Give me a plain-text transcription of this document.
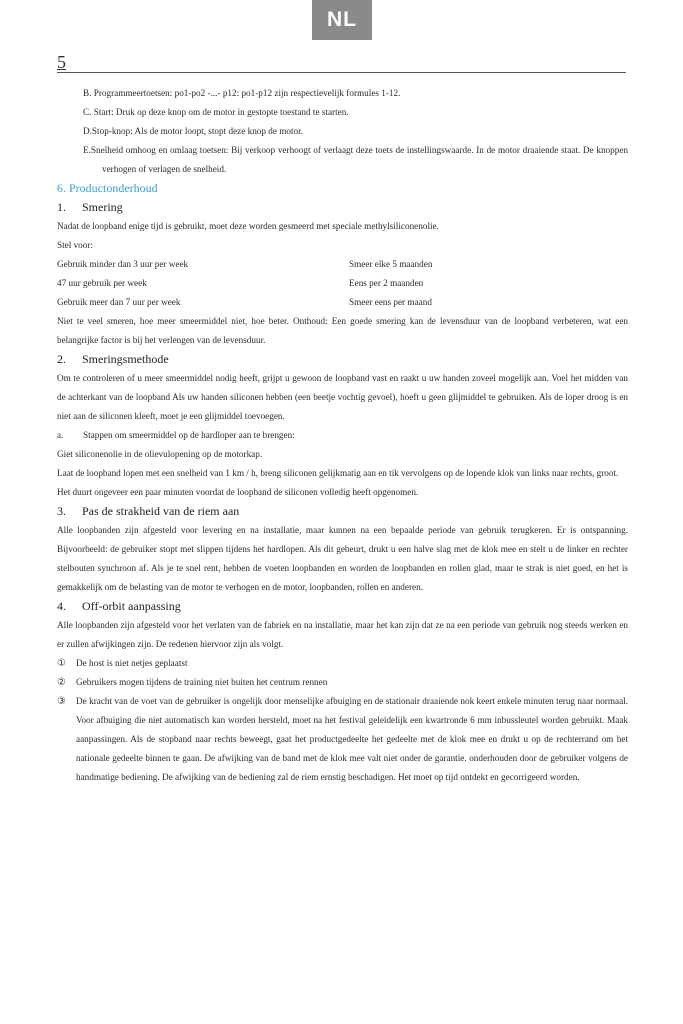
NL
5

B. Programmeertoetsen: po1-po2 -...- p12: po1-p12 zijn respectievelijk formules 1-12.

C. Start: Druk op deze knop om de motor in gestopte toestand te starten.

D.Stop-knop: Als de motor loopt, stopt deze knop de motor.

E.Snelheid omhoog en omlaag toetsen: Bij verkoop verhoogt of verlaagt deze toets de instellingswaarde. In de motor draaiende staat. De knoppen verhogen of verlagen de snelheid.

6. Productonderhoud

1.	Smering

Nadat de loopband enige tijd is gebruikt, moet deze worden gesmeerd met speciale methylsiliconenolie.

Stel voor:

Gebruik minder dan 3 uur per week	Smeer elke 5 maanden
47 uur gebruik per week	Eens per 2 maanden
Gebruik meer dan 7 uur per week	Smeer eens per maand

Niet te veel smeren, hoe meer smeermiddel niet, hoe beter. Onthoud: Een goede smering kan de levensduur van de loopband verbeteren, wat een belangrijke factor is bij het verlengen van de levensduur.

2.	Smeringsmethode

Om te controleren of u meer smeermiddel nodig heeft, grijpt u gewoon de loopband vast en raakt u uw handen zoveel mogelijk aan. Voel het midden van de achterkant van de loopband Als uw handen siliconen hebben (een beetje vochtig gevoel), hoeft u geen glijmiddel te gebruiken. Als de loper droog is en niet aan de siliconen kleeft, moet je een glijmiddel toevoegen.

a.	Stappen om smeermiddel op de hardloper aan te brengen:

Giet siliconenolie in de olievulopening op de motorkap.

Laat de loopband lopen met een snelheid van 1 km / h, breng siliconen gelijkmatig aan en tik vervolgens op de lopende klok van links naar rechts, groot.

Het duurt ongeveer een paar minuten voordat de loopband de siliconen volledig heeft opgenomen.

3.	Pas de strakheid van de riem aan

Alle loopbanden zijn afgesteld voor levering en na installatie, maar kunnen na een bepaalde periode van gebruik terugkeren. Er is ontspanning. Bijvoorbeeld: de gebruiker stopt met slippen tijdens het hardlopen. Als dit gebeurt, drukt u een halve slag met de klok mee en stelt u de linker en rechter stelbouten synchroon af. Als je te snel rent, hebben de voeten loopbanden en worden de loopbanden en rollen glad, maar te strak is niet goed, en het is gemakkelijk om de belasting van de motor te verhogen en de motor, loopbanden, rollen en anderen.

4.	Off-orbit aanpassing

Alle loopbanden zijn afgesteld voor het verlaten van de fabriek en na installatie, maar het kan zijn dat ze na een periode van gebruik nog steeds werken en er zullen afwijkingen zijn. De redenen hiervoor zijn als volgt.

①	De host is niet netjes geplaatst
②	Gebruikers mogen tijdens de training niet buiten het centrum rennen
③	De kracht van de voet van de gebruiker is ongelijk door menselijke afbuiging en de stationair draaiende nok keert enkele minuten terug naar normaal. Voor afbuiging die niet automatisch kan worden hersteld, moet na het festival geleidelijk een kwartronde 6 mm inbussleutel worden gebruikt. Maak aanpassingen. Als de stopband naar rechts beweegt, gaat het productgedeelte het gedeelte met de klok mee en drukt u op de rechterrand om het nationale gedeelte binnen te gaan. De afwijking van de band met de klok mee valt niet onder de garantie. onderhouden door de gebruiker volgens de handmatige bediening. De afwijking van de bediening zal de riem ernstig beschadigen. Het moet op tijd ontdekt en gecorrigeerd worden.
